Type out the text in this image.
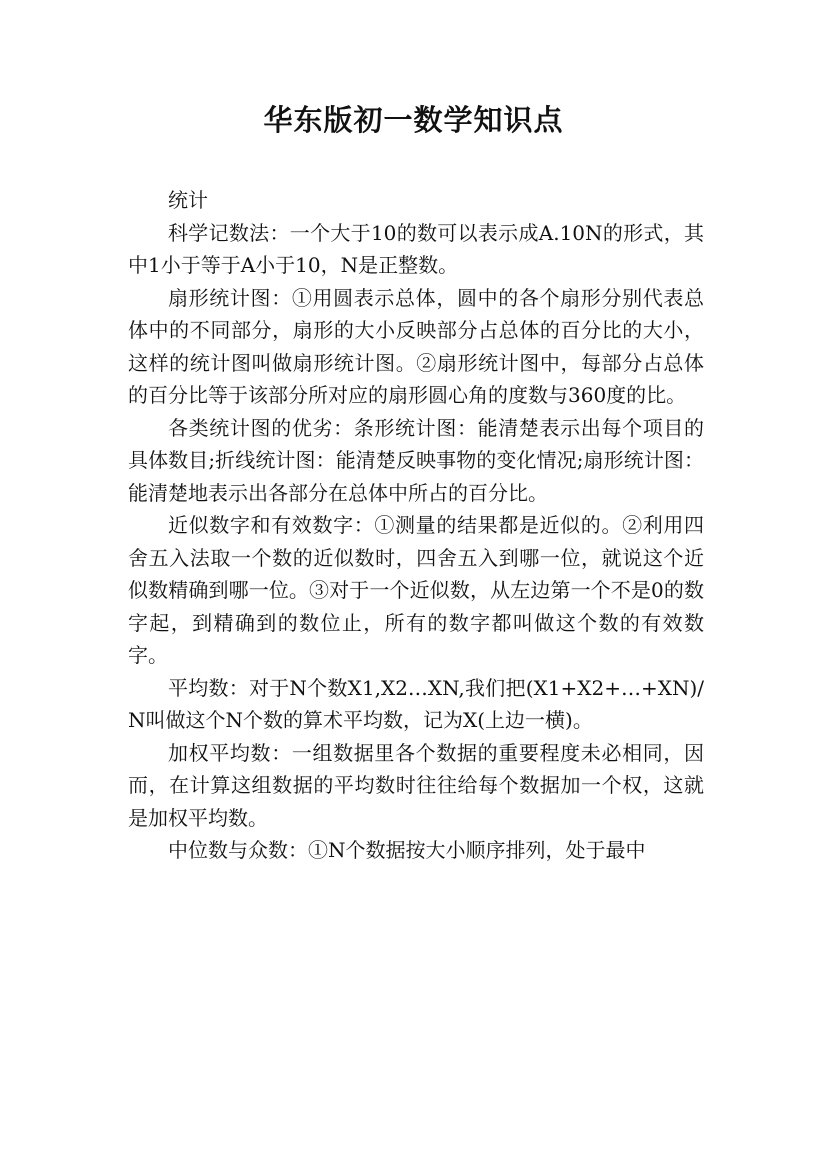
华东版初一数学知识点

统计

科学记数法：一个大于10的数可以表示成A.10N的形式，其中1小于等于A小于10，N是正整数。

扇形统计图：①用圆表示总体，圆中的各个扇形分别代表总体中的不同部分，扇形的大小反映部分占总体的百分比的大小，这样的统计图叫做扇形统计图。②扇形统计图中，每部分占总体的百分比等于该部分所对应的扇形圆心角的度数与360度的比。

各类统计图的优劣：条形统计图：能清楚表示出每个项目的具体数目;折线统计图：能清楚反映事物的变化情况;扇形统计图：能清楚地表示出各部分在总体中所占的百分比。

近似数字和有效数字：①测量的结果都是近似的。②利用四舍五入法取一个数的近似数时，四舍五入到哪一位，就说这个近似数精确到哪一位。③对于一个近似数，从左边第一个不是0的数字起，到精确到的数位止，所有的数字都叫做这个数的有效数字。

平均数：对于N个数X1,X2…XN,我们把(X1+X2+…+XN)/N叫做这个N个数的算术平均数，记为X(上边一横)。

加权平均数：一组数据里各个数据的重要程度未必相同，因而，在计算这组数据的平均数时往往给每个数据加一个权，这就是加权平均数。

中位数与众数：①N个数据按大小顺序排列，处于最中
